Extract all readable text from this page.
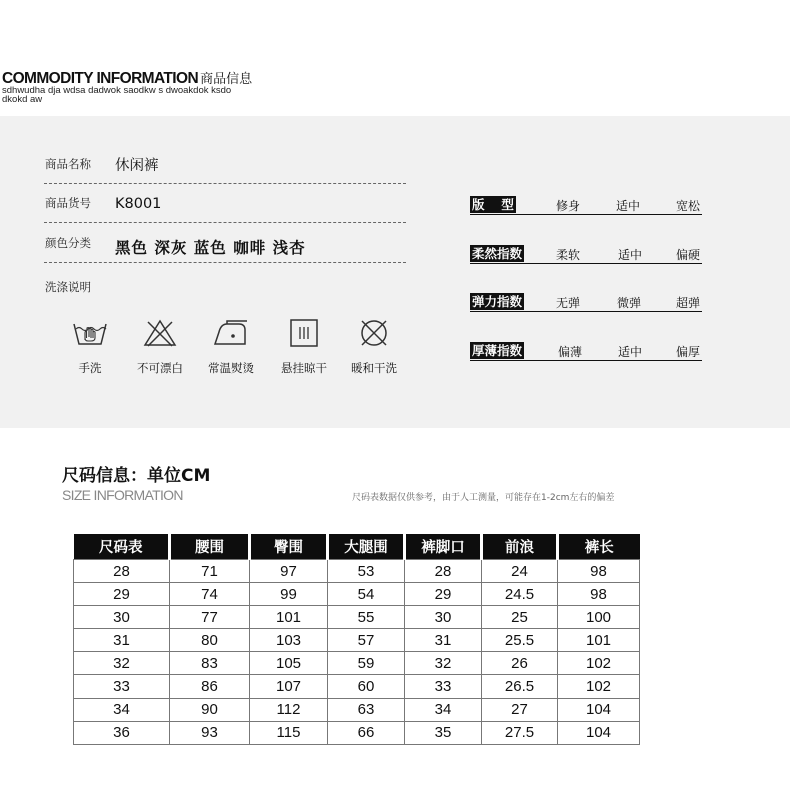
COMMODITY INFORMATION 商品信息
sdhwudha dja wdsa dadwok saodkw s dwoakdok ksdo dkokd aw
商品名称 休闲裤
商品货号 K8001
颜色分类 黑色 深灰 蓝色 咖啡 浅杏
洗涤说明
手洗	不可漂白	常温熨烫	悬挂晾干	暖和干洗
版　 型	修身	适中	宽松
柔然指数	柔软	适中	偏硬
弹力指数	无弹	微弹	超弹
厚薄指数	偏薄	适中	偏厚
尺码信息：单位CM
SIZE INFORMATION	尺码表数据仅供参考，由于人工测量，可能存在1-2cm左右的偏差
尺码表	腰围	臀围	大腿围	裤脚口	前浪	裤长
28	71	97	53	28	24	98
29	74	99	54	29	24.5	98
30	77	101	55	30	25	100
31	80	103	57	31	25.5	101
32	83	105	59	32	26	102
33	86	107	60	33	26.5	102
34	90	112	63	34	27	104
36	93	115	66	35	27.5	104
